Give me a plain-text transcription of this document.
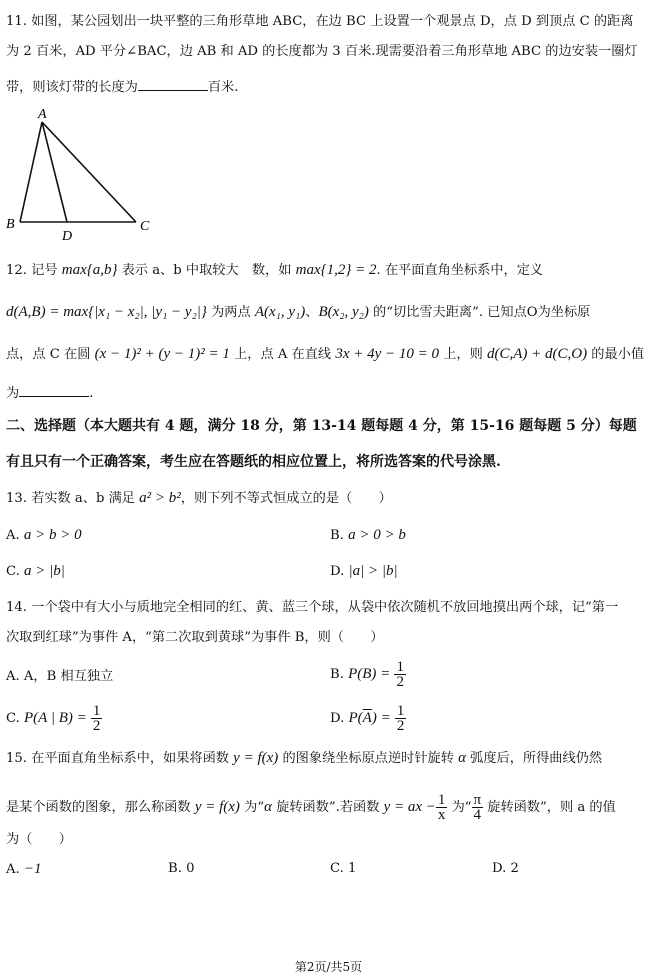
11. 如图，某公园划出一块平整的三角形草地 ABC，在边 BC 上设置一个观景点 D，点 D 到顶点 C 的距离
为 2 百米，AD 平分∠BAC，边 AB 和 AD 的长度都为 3 百米.现需要沿着三角形草地 ABC 的边安装一圈灯
带，则该灯带的长度为	百米.
A
B	C
D
12. 记号 max{a,b} 表示 a、b 中取较大　数，如 max{1,2} = 2. 在平面直角坐标系中，定义
d(A,B) = max{|x₁ − x₂|, |y₁ − y₂|} 为两点 A(x₁, y₁)、B(x₂, y₂) 的“切比雪夫距离”. 已知点O为坐标原
点，点 C 在圆 (x − 1)² + (y − 1)² = 1 上，点 A 在直线 3x + 4y − 10 = 0 上，则 d(C,A) + d(C,O) 的最小值
为	.
二、选择题（本大题共有 4 题，满分 18 分，第 13-14 题每题 4 分，第 15-16 题每题 5 分）每题
有且只有一个正确答案，考生应在答题纸的相应位置上，将所选答案的代号涂黑.
13. 若实数 a、b 满足 a² > b²，则下列不等式恒成立的是（　　）
A. a > b > 0	B. a > 0 > b
C. a > |b|	D. |a| > |b|
14. 一个袋中有大小与质地完全相同的红、黄、蓝三个球，从袋中依次随机不放回地摸出两个球，记“第一
次取到红球”为事件 A，“第二次取到黄球”为事件 B，则（　　）
A. A，B 相互独立	B. $P(B) = \frac{1}{2}$
C. P(A | $B) = \frac{1}{2}$	D. $P(\overline{A}) = \frac{1}{2}$
15. 在平面直角坐标系中，如果将函数 y = f(x) 的图象绕坐标原点逆时针旋转 α 弧度后，所得曲线仍然
是某个函数的图象，那么称函数 y = f(x) 为“α 旋转函数”.若函数 y = ax − $\frac{1}{x}$ 为“ $\frac{\pi}{4}$ 旋转函数”，则 a 的值
为（　　）
A. −1	B. 0	C. 1	D. 2
第2页/共5页
